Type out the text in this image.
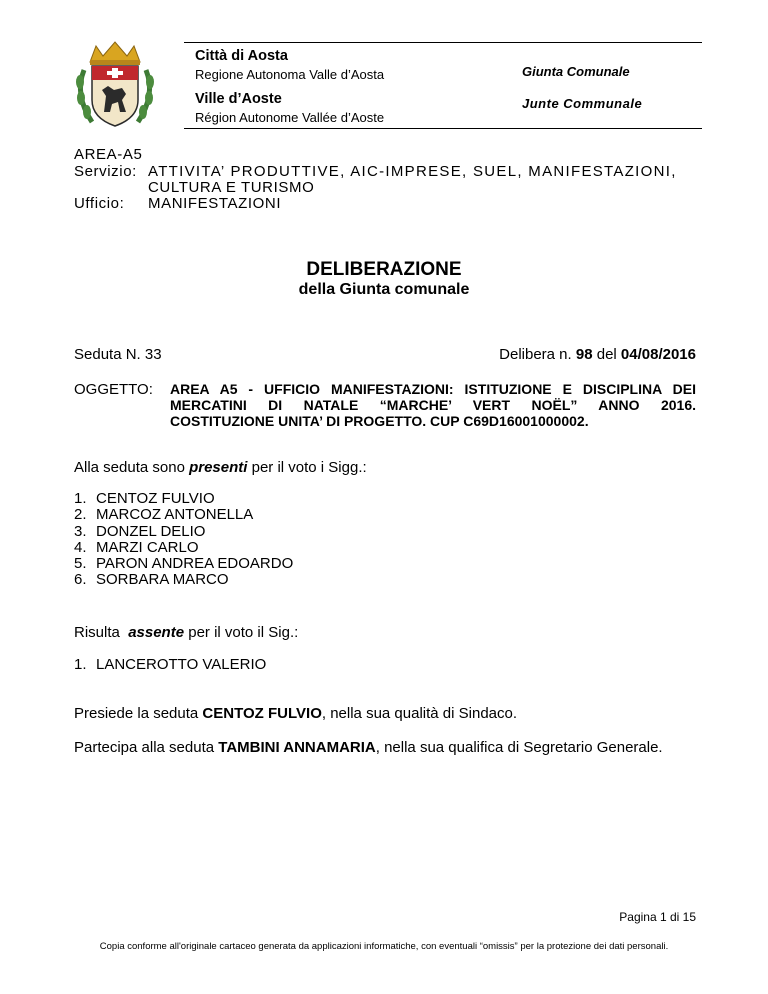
Città di Aosta
Regione Autonoma Valle d’Aosta
Ville d’Aoste
Région Autonome Vallée d’Aoste
Giunta Comunale
Junte Communale
AREA-A5
Servizio: ATTIVITA’ PRODUTTIVE, AIC-IMPRESE, SUEL, MANIFESTAZIONI,
CULTURA E TURISMO
Ufficio: MANIFESTAZIONI
DELIBERAZIONE
della Giunta comunale
Seduta N. 33	Delibera n. 98 del 04/08/2016
OGGETTO: AREA A5 - UFFICIO MANIFESTAZIONI: ISTITUZIONE E DISCIPLINA DEI
MERCATINI DI NATALE “MARCHE’ VERT NOËL” ANNO 2016.
COSTITUZIONE UNITA’ DI PROGETTO. CUP C69D16001000002.
Alla seduta sono presenti per il voto i Sigg.:
1. CENTOZ FULVIO
2. MARCOZ ANTONELLA
3. DONZEL DELIO
4. MARZI CARLO
5. PARON ANDREA EDOARDO
6. SORBARA MARCO
Risulta  assente per il voto il Sig.:
1. LANCEROTTO VALERIO
Presiede la seduta CENTOZ FULVIO, nella sua qualità di Sindaco.
Partecipa alla seduta TAMBINI ANNAMARIA, nella sua qualifica di Segretario Generale.
Pagina 1 di 15
Copia conforme all'originale cartaceo generata da applicazioni informatiche, con eventuali “omissis” per la protezione dei dati personali.
